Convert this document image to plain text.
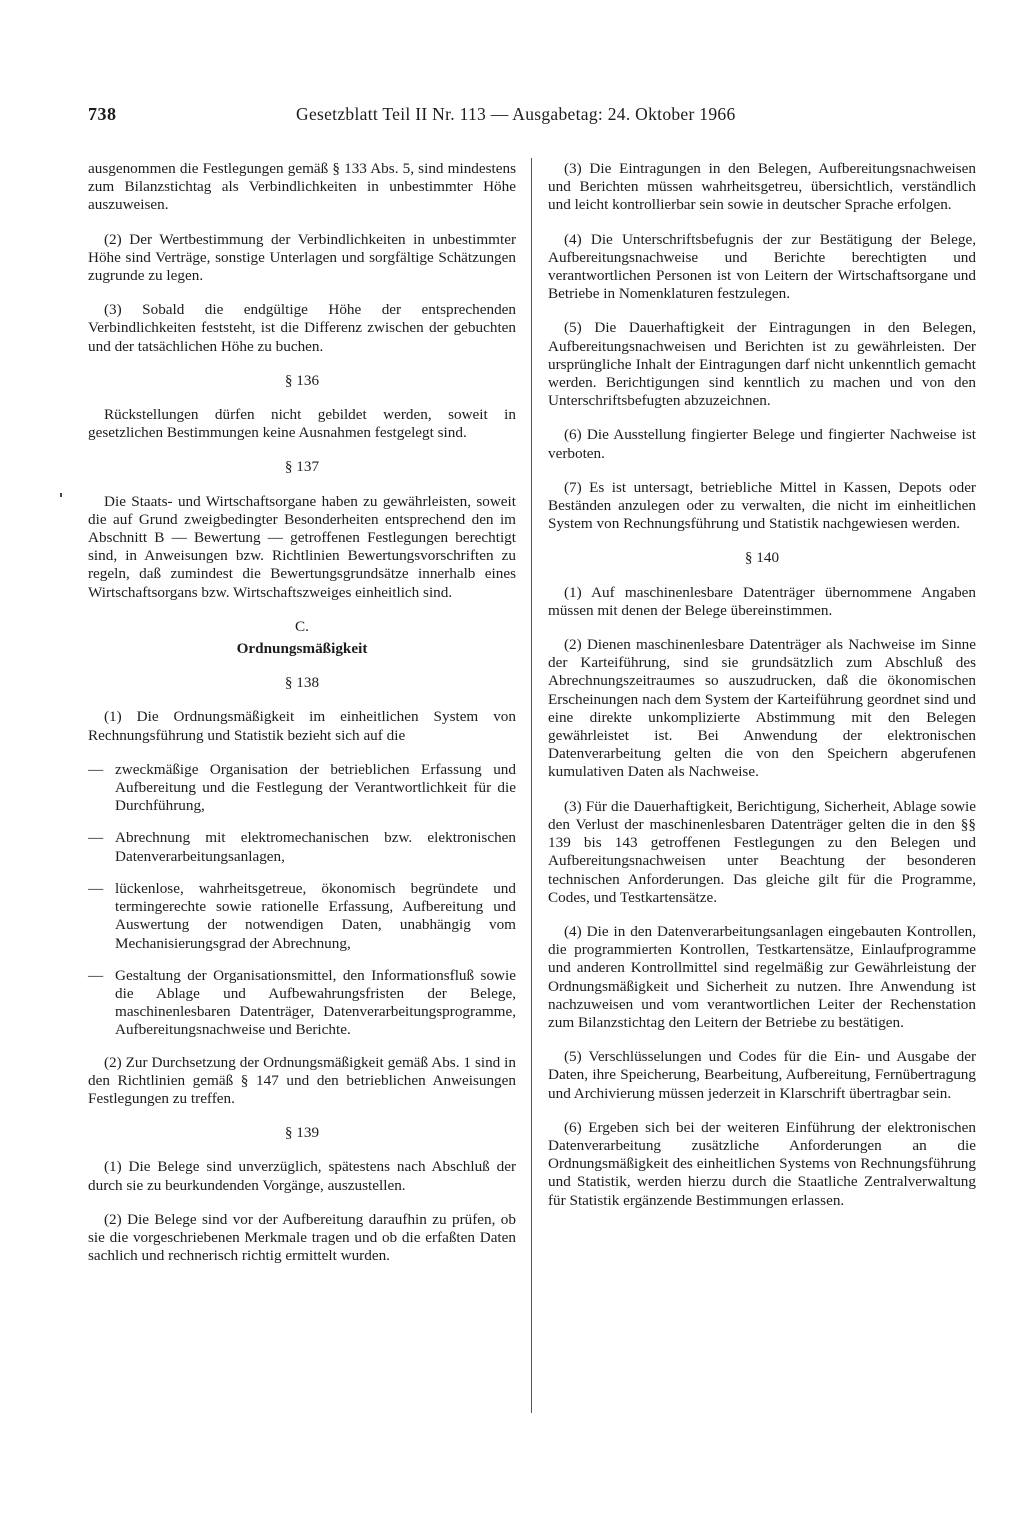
738	Gesetzblatt Teil II Nr. 113 — Ausgabetag: 24. Oktober 1966

ausgenommen die Festlegungen gemäß § 133 Abs. 5, sind mindestens zum Bilanzstichtag als Verbindlichkeiten in unbestimmter Höhe auszuweisen.

(2) Der Wertbestimmung der Verbindlichkeiten in unbestimmter Höhe sind Verträge, sonstige Unterlagen und sorgfältige Schätzungen zugrunde zu legen.

(3) Sobald die endgültige Höhe der entsprechenden Verbindlichkeiten feststeht, ist die Differenz zwischen der gebuchten und der tatsächlichen Höhe zu buchen.

§ 136

Rückstellungen dürfen nicht gebildet werden, soweit in gesetzlichen Bestimmungen keine Ausnahmen festgelegt sind.

§ 137

Die Staats- und Wirtschaftsorgane haben zu gewährleisten, soweit die auf Grund zweigbedingter Besonderheiten entsprechend den im Abschnitt B — Bewertung — getroffenen Festlegungen berechtigt sind, in Anweisungen bzw. Richtlinien Bewertungsvorschriften zu regeln, daß zumindest die Bewertungsgrundsätze innerhalb eines Wirtschaftsorgans bzw. Wirtschaftszweiges einheitlich sind.

C.

Ordnungsmäßigkeit

§ 138

(1) Die Ordnungsmäßigkeit im einheitlichen System von Rechnungsführung und Statistik bezieht sich auf die

— zweckmäßige Organisation der betrieblichen Erfassung und Aufbereitung und die Festlegung der Verantwortlichkeit für die Durchführung,
— Abrechnung mit elektromechanischen bzw. elektronischen Datenverarbeitungsanlagen,
— lückenlose, wahrheitsgetreue, ökonomisch begründete und termingerechte sowie rationelle Erfassung, Aufbereitung und Auswertung der notwendigen Daten, unabhängig vom Mechanisierungsgrad der Abrechnung,
— Gestaltung der Organisationsmittel, den Informationsfluß sowie die Ablage und Aufbewahrungsfristen der Belege, maschinenlesbaren Datenträger, Datenverarbeitungsprogramme, Aufbereitungsnachweise und Berichte.

(2) Zur Durchsetzung der Ordnungsmäßigkeit gemäß Abs. 1 sind in den Richtlinien gemäß § 147 und den betrieblichen Anweisungen Festlegungen zu treffen.

§ 139

(1) Die Belege sind unverzüglich, spätestens nach Abschluß der durch sie zu beurkundenden Vorgänge, auszustellen.

(2) Die Belege sind vor der Aufbereitung daraufhin zu prüfen, ob sie die vorgeschriebenen Merkmale tragen und ob die erfaßten Daten sachlich und rechnerisch richtig ermittelt wurden.

(3) Die Eintragungen in den Belegen, Aufbereitungsnachweisen und Berichten müssen wahrheitsgetreu, übersichtlich, verständlich und leicht kontrollierbar sein sowie in deutscher Sprache erfolgen.

(4) Die Unterschriftsbefugnis der zur Bestätigung der Belege, Aufbereitungsnachweise und Berichte berechtigten und verantwortlichen Personen ist von Leitern der Wirtschaftsorgane und Betriebe in Nomenklaturen festzulegen.

(5) Die Dauerhaftigkeit der Eintragungen in den Belegen, Aufbereitungsnachweisen und Berichten ist zu gewährleisten. Der ursprüngliche Inhalt der Eintragungen darf nicht unkenntlich gemacht werden. Berichtigungen sind kenntlich zu machen und von den Unterschriftsbefugten abzuzeichnen.

(6) Die Ausstellung fingierter Belege und fingierter Nachweise ist verboten.

(7) Es ist untersagt, betriebliche Mittel in Kassen, Depots oder Beständen anzulegen oder zu verwalten, die nicht im einheitlichen System von Rechnungsführung und Statistik nachgewiesen werden.

§ 140

(1) Auf maschinenlesbare Datenträger übernommene Angaben müssen mit denen der Belege übereinstimmen.

(2) Dienen maschinenlesbare Datenträger als Nachweise im Sinne der Karteiführung, sind sie grundsätzlich zum Abschluß des Abrechnungszeitraumes so auszudrucken, daß die ökonomischen Erscheinungen nach dem System der Karteiführung geordnet sind und eine direkte unkomplizierte Abstimmung mit den Belegen gewährleistet ist. Bei Anwendung der elektronischen Datenverarbeitung gelten die von den Speichern abgerufenen kumulativen Daten als Nachweise.

(3) Für die Dauerhaftigkeit, Berichtigung, Sicherheit, Ablage sowie den Verlust der maschinenlesbaren Datenträger gelten die in den §§ 139 bis 143 getroffenen Festlegungen zu den Belegen und Aufbereitungsnachweisen unter Beachtung der besonderen technischen Anforderungen. Das gleiche gilt für die Programme, Codes, und Testkartensätze.

(4) Die in den Datenverarbeitungsanlagen eingebauten Kontrollen, die programmierten Kontrollen, Testkartensätze, Einlaufprogramme und anderen Kontrollmittel sind regelmäßig zur Gewährleistung der Ordnungsmäßigkeit und Sicherheit zu nutzen. Ihre Anwendung ist nachzuweisen und vom verantwortlichen Leiter der Rechenstation zum Bilanzstichtag den Leitern der Betriebe zu bestätigen.

(5) Verschlüsselungen und Codes für die Ein- und Ausgabe der Daten, ihre Speicherung, Bearbeitung, Aufbereitung, Fernübertragung und Archivierung müssen jederzeit in Klarschrift übertragbar sein.

(6) Ergeben sich bei der weiteren Einführung der elektronischen Datenverarbeitung zusätzliche Anforderungen an die Ordnungsmäßigkeit des einheitlichen Systems von Rechnungsführung und Statistik, werden hierzu durch die Staatliche Zentralverwaltung für Statistik ergänzende Bestimmungen erlassen.
